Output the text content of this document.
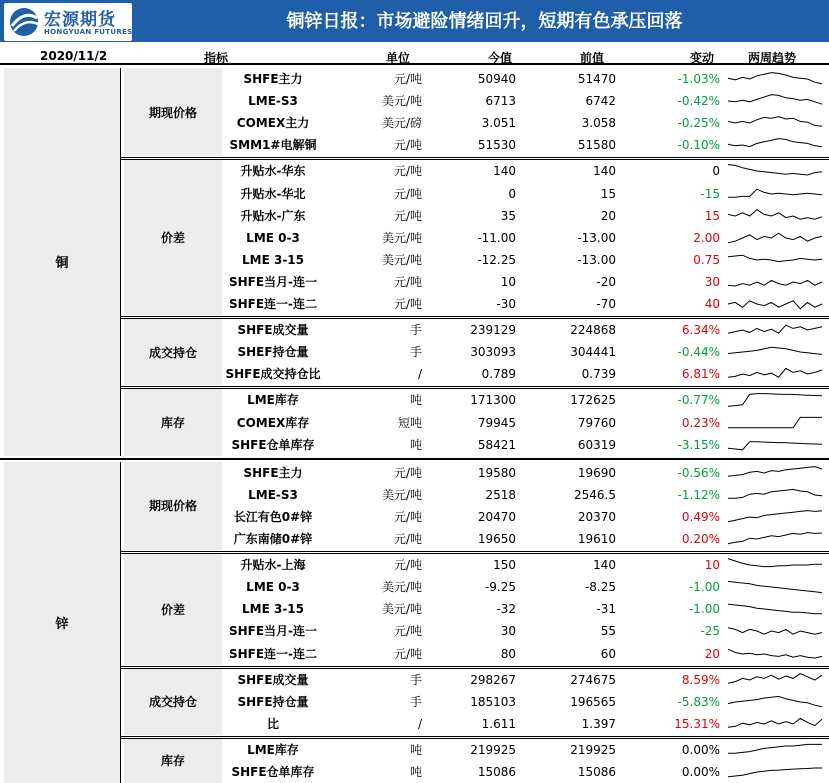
宏源期货
HONGYUAN FUTURES	铜锌日报：市场避险情绪回升，短期有色承压回落
2020/11/2	指标	单位	今值	前值	变动	两周趋势
期现价格
SHFE主力	元/吨	50940	51470	-1.03%
LME-S3	美元/吨	6713	6742	-0.42%
COMEX主力	美元/磅	3.051	3.058	-0.25%
SMM1#电解铜	元/吨	51530	51580	-0.10%
价差
升贴水-华东	元/吨	140	140	0
升贴水-华北	元/吨	0	15	-15
升贴水-广东	元/吨	35	20	15
LME 0-3	美元/吨	-11.00	-13.00	2.00
LME 3-15	美元/吨	-12.25	-13.00	0.75
SHFE当月-连一	元/吨	10	-20	30
SHFE连一-连二	元/吨	-30	-70	40
成交持仓
SHFE成交量	手	239129	224868	6.34%
SHEF持仓量	手	303093	304441	-0.44%
SHFE成交持仓比	/	0.789	0.739	6.81%
库存
LME库存	吨	171300	172625	-0.77%
COMEX库存	短吨	79945	79760	0.23%
SHFE仓单库存	吨	58421	60319	-3.15%
铜
期现价格
SHFE主力	元/吨	19580	19690	-0.56%
LME-S3	美元/吨	2518	2546.5	-1.12%
长江有色0#锌	元/吨	20470	20370	0.49%
广东南储0#锌	元/吨	19650	19610	0.20%
价差
升贴水-上海	元/吨	150	140	10
LME 0-3	美元/吨	-9.25	-8.25	-1.00
LME 3-15	美元/吨	-32	-31	-1.00
SHFE当月-连一	元/吨	30	55	-25
SHFE连一-连二	元/吨	80	60	20
成交持仓
SHFE成交量	手	298267	274675	8.59%
SHFE持仓量	手	185103	196565	-5.83%
比	/	1.611	1.397	15.31%
库存
LME库存	吨	219925	219925	0.00%
SHFE仓单库存	吨	15086	15086	0.00%
锌
